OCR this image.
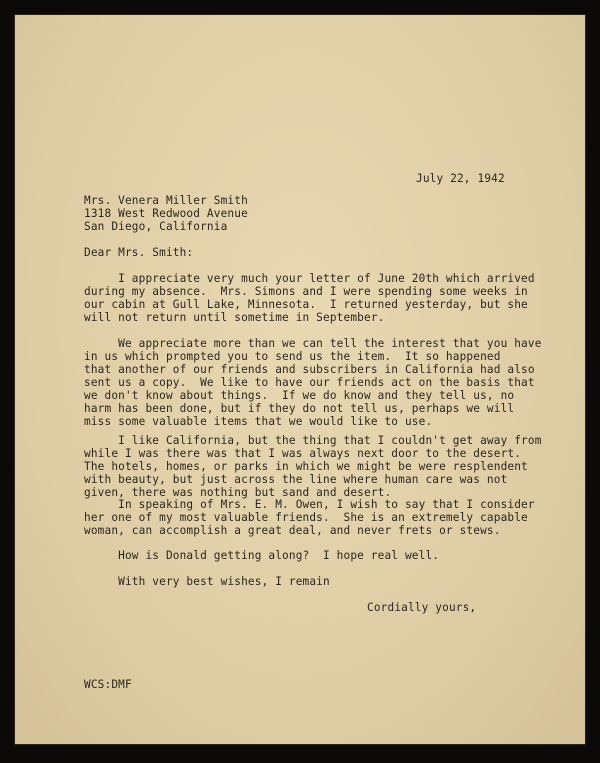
July 22, 1942
Mrs. Venera Miller Smith
1318 West Redwood Avenue
San Diego, California
Dear Mrs. Smith:
I appreciate very much your letter of June 20th which arrived
during my absence.  Mrs. Simons and I were spending some weeks in
our cabin at Gull Lake, Minnesota.  I returned yesterday, but she
will not return until sometime in September.
We appreciate more than we can tell the interest that you have
in us which prompted you to send us the item.  It so happened
that another of our friends and subscribers in California had also
sent us a copy.  We like to have our friends act on the basis that
we don't know about things.  If we do know and they tell us, no
harm has been done, but if they do not tell us, perhaps we will
miss some valuable items that we would like to use.
I like California, but the thing that I couldn't get away from
while I was there was that I was always next door to the desert.
The hotels, homes, or parks in which we might be were resplendent
with beauty, but just across the line where human care was not
given, there was nothing but sand and desert.
In speaking of Mrs. E. M. Owen, I wish to say that I consider
her one of my most valuable friends.  She is an extremely capable
woman, can accomplish a great deal, and never frets or stews.
How is Donald getting along?  I hope real well.
With very best wishes, I remain
Cordially yours,
WCS:DMF
